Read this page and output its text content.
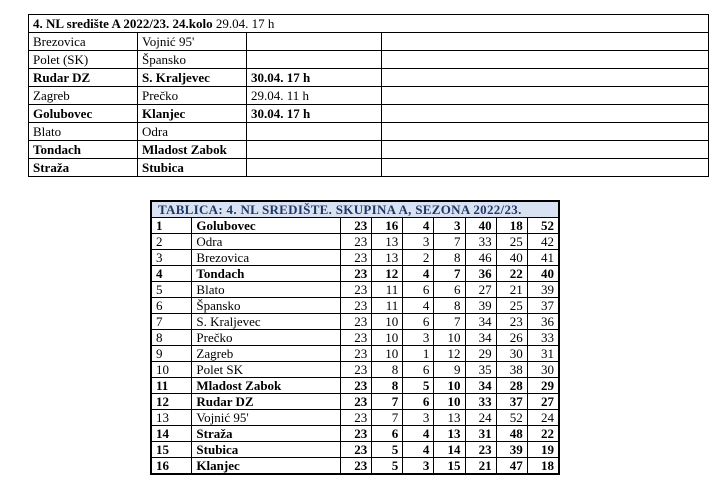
4. NL središte A 2022/23. 24.kolo 29.04. 17 h			
Brezovica	Vojnić 95'		
Polet (SK)	Špansko		
Rudar DZ	S. Kraljevec	30.04. 17 h	
Zagreb	Prečko	29.04. 11 h	
Golubovec	Klanjec	30.04. 17 h	
Blato	Odra		
Tondach	Mladost Zabok		
Straža	Stubica		
TABLICA: 4. NL SREDIŠTE. SKUPINA A, SEZONA 2022/23.								
1	Golubovec	23	16	4	3	40	18	52
2	Odra	23	13	3	7	33	25	42
3	Brezovica	23	13	2	8	46	40	41
4	Tondach	23	12	4	7	36	22	40
5	Blato	23	11	6	6	27	21	39
6	Špansko	23	11	4	8	39	25	37
7	S. Kraljevec	23	10	6	7	34	23	36
8	Prečko	23	10	3	10	34	26	33
9	Zagreb	23	10	1	12	29	30	31
10	Polet SK	23	8	6	9	35	38	30
11	Mladost Zabok	23	8	5	10	34	28	29
12	Rudar DZ	23	7	6	10	33	37	27
13	Vojnić 95'	23	7	3	13	24	52	24
14	Straža	23	6	4	13	31	48	22
15	Stubica	23	5	4	14	23	39	19
16	Klanjec	23	5	3	15	21	47	18
